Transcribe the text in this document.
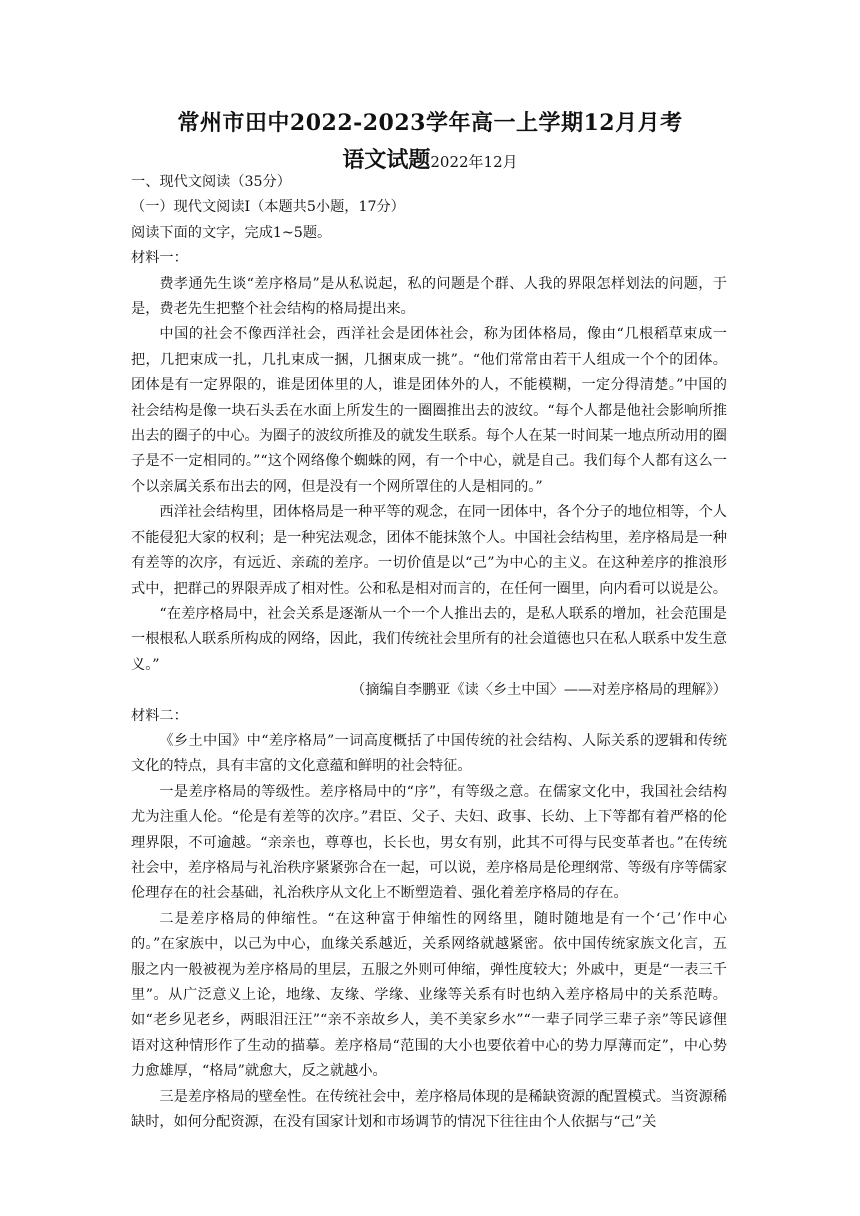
常州市田中2022-2023学年高一上学期12月月考
语文试题2022年12月

一、现代文阅读（35分）

（一）现代文阅读Ⅰ（本题共5小题，17分）

阅读下面的文字，完成1~5题。

材料一：

费孝通先生谈“差序格局”是从私说起，私的问题是个群、人我的界限怎样划法的问题，于是，费老先生把整个社会结构的格局提出来。

中国的社会不像西洋社会，西洋社会是团体社会，称为团体格局，像由“几根稻草束成一把，几把束成一扎，几扎束成一捆，几捆束成一挑”。“他们常常由若干人组成一个个的团体。团体是有一定界限的，谁是团体里的人，谁是团体外的人，不能模糊，一定分得清楚。”中国的社会结构是像一块石头丢在水面上所发生的一圈圈推出去的波纹。“每个人都是他社会影响所推出去的圈子的中心。为圈子的波纹所推及的就发生联系。每个人在某一时间某一地点所动用的圈子是不一定相同的。”“这个网络像个蜘蛛的网，有一个中心，就是自己。我们每个人都有这么一个以亲属关系布出去的网，但是没有一个网所罩住的人是相同的。”

西洋社会结构里，团体格局是一种平等的观念，在同一团体中，各个分子的地位相等，个人不能侵犯大家的权利；是一种宪法观念，团体不能抹煞个人。中国社会结构里，差序格局是一种有差等的次序，有远近、亲疏的差序。一切价值是以“己”为中心的主义。在这种差序的推浪形式中，把群己的界限弄成了相对性。公和私是相对而言的，在任何一圈里，向内看可以说是公。

“在差序格局中，社会关系是逐渐从一个一个人推出去的，是私人联系的增加，社会范围是一根根私人联系所构成的网络，因此，我们传统社会里所有的社会道德也只在私人联系中发生意义。”

（摘编自李鹏亚《读〈乡土中国〉——对差序格局的理解》）

材料二：

《乡土中国》中“差序格局”一词高度概括了中国传统的社会结构、人际关系的逻辑和传统文化的特点，具有丰富的文化意蕴和鲜明的社会特征。

一是差序格局的等级性。差序格局中的“序”，有等级之意。在儒家文化中，我国社会结构尤为注重人伦。“伦是有差等的次序。”君臣、父子、夫妇、政事、长幼、上下等都有着严格的伦理界限，不可逾越。“亲亲也，尊尊也，长长也，男女有别，此其不可得与民变革者也。”在传统社会中，差序格局与礼治秩序紧紧弥合在一起，可以说，差序格局是伦理纲常、等级有序等儒家伦理存在的社会基础，礼治秩序从文化上不断塑造着、强化着差序格局的存在。

二是差序格局的伸缩性。“在这种富于伸缩性的网络里，随时随地是有一个‘己’作中心的。”在家族中，以己为中心，血缘关系越近，关系网络就越紧密。依中国传统家族文化言，五服之内一般被视为差序格局的里层，五服之外则可伸缩，弹性度较大；外戚中，更是“一表三千里”。从广泛意义上论，地缘、友缘、学缘、业缘等关系有时也纳入差序格局中的关系范畴。如“老乡见老乡，两眼泪汪汪”“亲不亲故乡人，美不美家乡水”“一辈子同学三辈子亲”等民谚俚语对这种情形作了生动的描摹。差序格局“范围的大小也要依着中心的势力厚薄而定”，中心势力愈雄厚，“格局”就愈大，反之就越小。

三是差序格局的壁垒性。在传统社会中，差序格局体现的是稀缺资源的配置模式。当资源稀缺时，如何分配资源，在没有国家计划和市场调节的情况下往往由个人依据与“己”关
